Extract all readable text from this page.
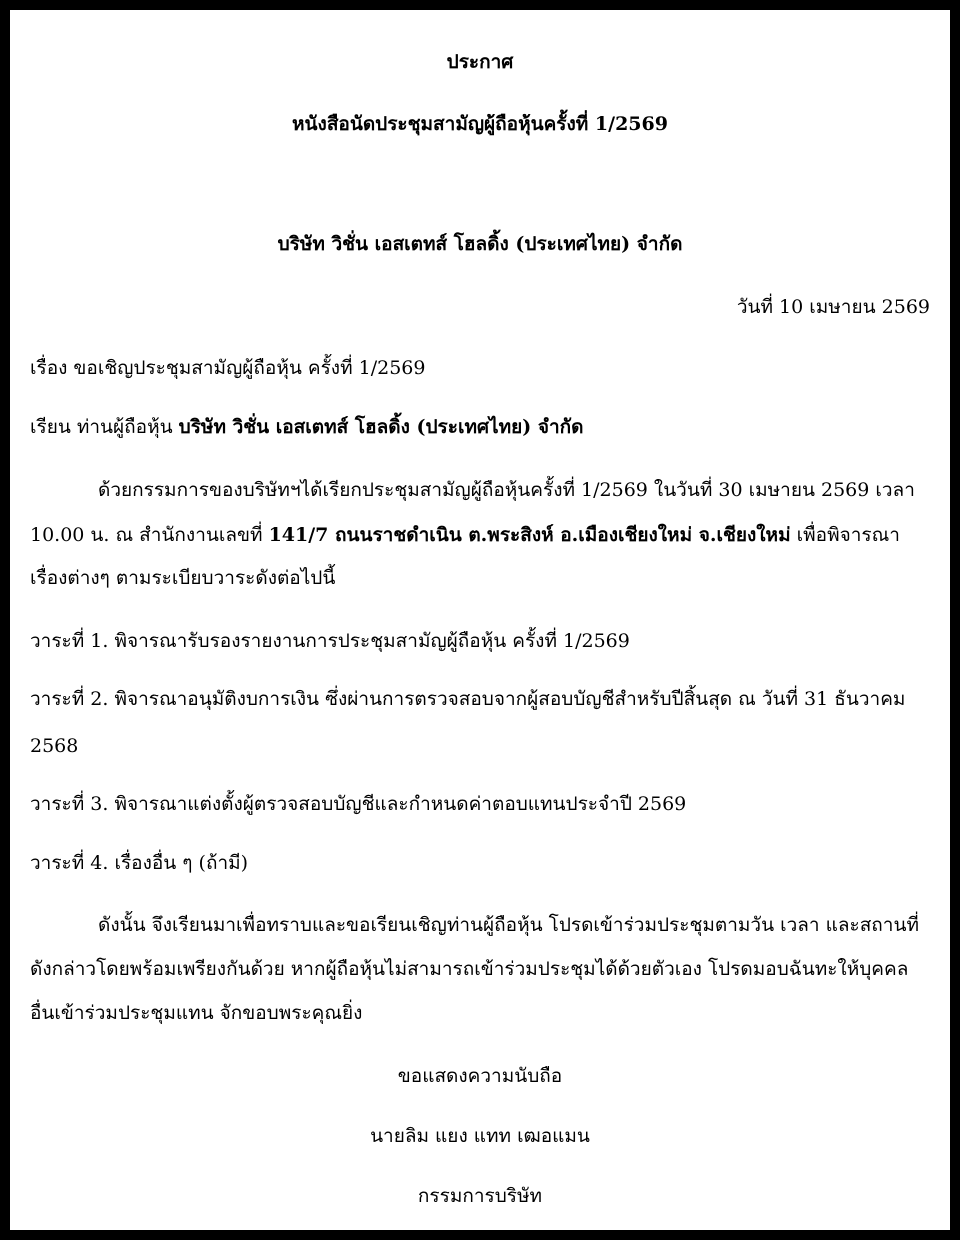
ประกาศ
หนังสือนัดประชุมสามัญผู้ถือหุ้นครั้งที่ 1/2569
บริษัท วิชั่น เอสเตทส์ โฮลดิ้ง (ประเทศไทย) จำกัด
วันที่ 10 เมษายน 2569
เรื่อง ขอเชิญประชุมสามัญผู้ถือหุ้น ครั้งที่ 1/2569
เรียน ท่านผู้ถือหุ้น บริษัท วิชั่น เอสเตทส์ โฮลดิ้ง (ประเทศไทย) จำกัด
ด้วยกรรมการของบริษัทฯได้เรียกประชุมสามัญผู้ถือหุ้นครั้งที่ 1/2569 ในวันที่ 30 เมษายน 2569 เวลา
10.00 น. ณ สำนักงานเลขที่ 141/7 ถนนราชดำเนิน ต.พระสิงห์ อ.เมืองเชียงใหม่ จ.เชียงใหม่ เพื่อพิจารณา
เรื่องต่างๆ ตามระเบียบวาระดังต่อไปนี้
วาระที่ 1. พิจารณารับรองรายงานการประชุมสามัญผู้ถือหุ้น ครั้งที่ 1/2569
วาระที่ 2. พิจารณาอนุมัติงบการเงิน ซึ่งผ่านการตรวจสอบจากผู้สอบบัญชีสำหรับปีสิ้นสุด ณ วันที่ 31 ธันวาคม
2568
วาระที่ 3. พิจารณาแต่งตั้งผู้ตรวจสอบบัญชีและกำหนดค่าตอบแทนประจำปี 2569
วาระที่ 4. เรื่องอื่น ๆ (ถ้ามี)
ดังนั้น จึงเรียนมาเพื่อทราบและขอเรียนเชิญท่านผู้ถือหุ้น โปรดเข้าร่วมประชุมตามวัน เวลา และสถานที่
ดังกล่าวโดยพร้อมเพรียงกันด้วย หากผู้ถือหุ้นไม่สามารถเข้าร่วมประชุมได้ด้วยตัวเอง โปรดมอบฉันทะให้บุคคล
อื่นเข้าร่วมประชุมแทน จักขอบพระคุณยิ่ง
ขอแสดงความนับถือ
นายลิม แยง แทท เฒอแมน
กรรมการบริษัท
